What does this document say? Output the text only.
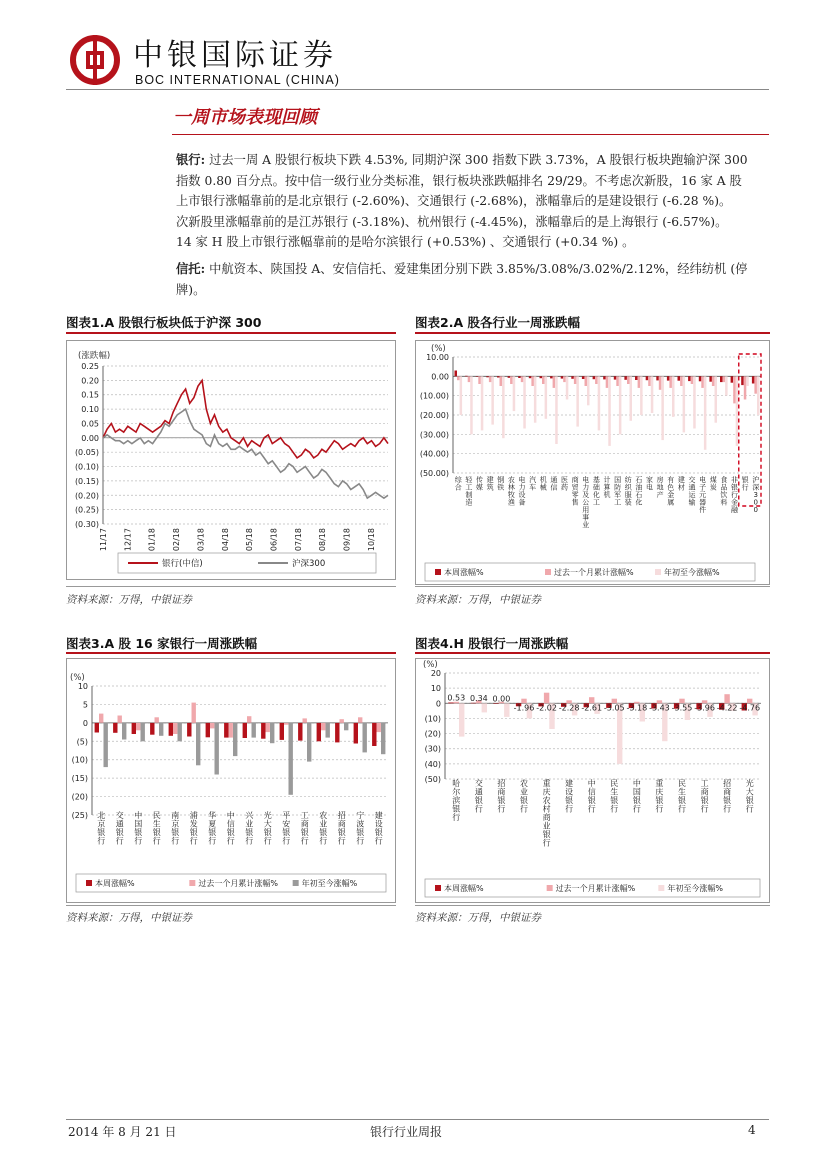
中银国际证券
BOC INTERNATIONAL (CHINA)
一周市场表现回顾
银行: 过去一周 A 股银行板块下跌 4.53%, 同期沪深 300 指数下跌 3.73%，A 股银行板块跑输沪深 300
指数 0.80 百分点。按中信一级行业分类标准，银行板块涨跌幅排名 29/29。不考虑次新股，16 家 A 股
上市银行涨幅靠前的是北京银行 (-2.60%)、交通银行 (-2.68%)，涨幅靠后的是建设银行 (-6.28 %)。
次新股里涨幅靠前的是江苏银行 (-3.18%)、杭州银行 (-4.45%)，涨幅靠后的是上海银行 (-6.57%)。
14 家 H 股上市银行涨幅靠前的是哈尔滨银行 (+0.53%) 、交通银行 (+0.34 %) 。
信托: 中航资本、陕国投 A、安信信托、爱建集团分别下跌 3.85%/3.08%/3.02%/2.12%，经纬纺机 (停牌)。
图表1.A 股银行板块低于沪深 300	图表2.A 股各行业一周涨跌幅
资料来源：万得，中银证券	资料来源：万得，中银证券
图表3.A 股 16 家银行一周涨跌幅	图表4.H 股银行一周涨跌幅
资料来源：万得，中银证券	资料来源：万得，中银证券
(涨跌幅)
0.25
0.20
0.15
0.10
0.05
0.00
(0.05)
(0.10)
(0.15)
(0.20)
(0.25)
(0.30)
11/17 12/17 01/18 02/18 03/18 04/18 05/18 06/18 07/18 08/18 09/18 10/18
银行(中信)	沪深300
(%)
10.00
0.00
(10.00)
(20.00)
(30.00)
(40.00)
(50.00)
综合
轻工制造
传媒
建筑
钢铁
农林牧渔
电力设备
汽车
机械
通信
医药
商贸零售
电力及公用事业
基础化工
计算机
国防军工
纺织服装
石油石化
家电
房地产
有色金属
建材
交通运输
电子元器件
煤炭
食品饮料
非银行金融
银行
沪深 3 0 0
本周涨幅%	过去一个月累计涨幅%	年初至今涨幅%
(%)
10
5
0
(5)
(10)
(15)
(20)
(25) 北京银行
交通银行
中国银行
民生银行
南京银行
浦发银行
华夏银行
中信银行
兴业银行
光大银行
平安银行
工商银行
农业银行
招商银行
宁波银行
建设银行
本周涨幅%	过去一个月累计涨幅%	年初至今涨幅%
(%)
20
10
0
(10)
(20)
(30)
(40)
(50)
0.53 0.34 0.00
-1.96 -2.02 -2.28 -2.61 -3.05 -3.18 -3.43 -3.55 -3.96 -4.22 -4.76
哈尔滨银行
交通银行
招商银行
农业银行
重庆农村商业银行
建设银行
中信银行
民生银行
中国银行
重庆银行
民生银行
工商银行
招商银行
光大银行
本周涨幅%	过去一个月累计涨幅%	年初至今涨幅%
2014 年 8 月 21 日	银行行业周报	4
